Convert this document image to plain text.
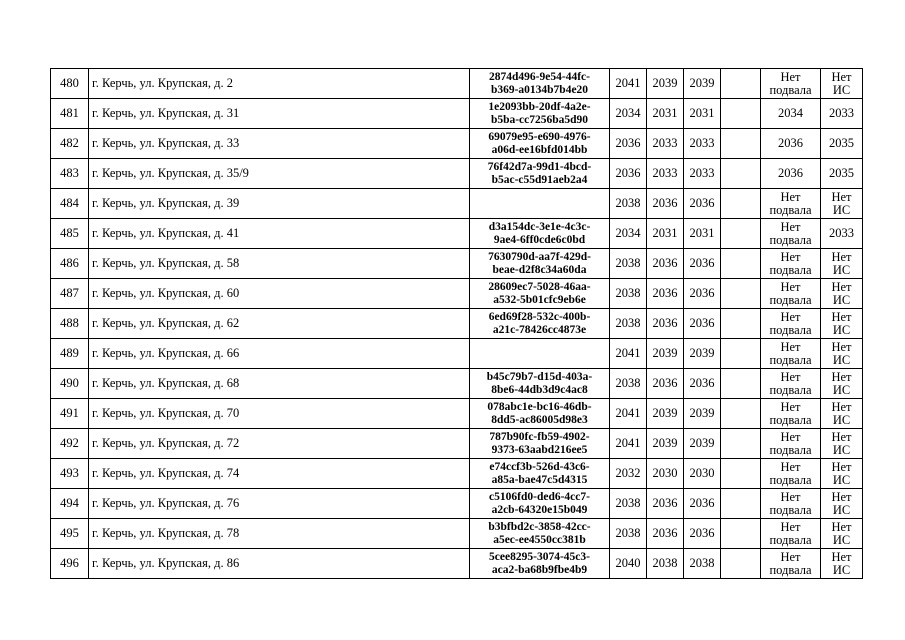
480	г. Керчь, ул. Крупская, д. 2	2874d496-9e54-44fc-
b369-a0134b7b4e20	2041	2039	2039		Нет
подвала	Нет
ИС

481	г. Керчь, ул. Крупская, д. 31	1e2093bb-20df-4a2e-
b5ba-cc7256ba5d90	2034	2031	2031		2034	2033

482	г. Керчь, ул. Крупская, д. 33	69079e95-e690-4976-
a06d-ee16bfd014bb	2036	2033	2033		2036	2035

483	г. Керчь, ул. Крупская, д. 35/9	76f42d7a-99d1-4bcd-
b5ac-c55d91aeb2a4	2036	2033	2033		2036	2035

484	г. Керчь, ул. Крупская, д. 39		2038	2036	2036		Нет
подвала	Нет
ИС

485	г. Керчь, ул. Крупская, д. 41	d3a154dc-3e1e-4c3c-
9ae4-6ff0cde6c0bd	2034	2031	2031		Нет
подвала	2033

486	г. Керчь, ул. Крупская, д. 58	7630790d-aa7f-429d-
beae-d2f8c34a60da	2038	2036	2036		Нет
подвала	Нет
ИС

487	г. Керчь, ул. Крупская, д. 60	28609ec7-5028-46aa-
a532-5b01cfc9eb6e	2038	2036	2036		Нет
подвала	Нет
ИС

488	г. Керчь, ул. Крупская, д. 62	6ed69f28-532c-400b-
a21c-78426cc4873e	2038	2036	2036		Нет
подвала	Нет
ИС

489	г. Керчь, ул. Крупская, д. 66		2041	2039	2039		Нет
подвала	Нет
ИС

490	г. Керчь, ул. Крупская, д. 68	b45c79b7-d15d-403a-
8be6-44db3d9c4ac8	2038	2036	2036		Нет
подвала	Нет
ИС

491	г. Керчь, ул. Крупская, д. 70	078abc1e-bc16-46db-
8dd5-ac86005d98e3	2041	2039	2039		Нет
подвала	Нет
ИС

492	г. Керчь, ул. Крупская, д. 72	787b90fc-fb59-4902-
9373-63aabd216ee5	2041	2039	2039		Нет
подвала	Нет
ИС

493	г. Керчь, ул. Крупская, д. 74	e74ccf3b-526d-43c6-
a85a-bae47c5d4315	2032	2030	2030		Нет
подвала	Нет
ИС

494	г. Керчь, ул. Крупская, д. 76	c5106fd0-ded6-4cc7-
a2cb-64320e15b049	2038	2036	2036		Нет
подвала	Нет
ИС

495	г. Керчь, ул. Крупская, д. 78	b3bfbd2c-3858-42cc-
a5ec-ee4550cc381b	2038	2036	2036		Нет
подвала	Нет
ИС

496	г. Керчь, ул. Крупская, д. 86	5cee8295-3074-45c3-
aca2-ba68b9fbe4b9	2040	2038	2038		Нет
подвала	Нет
ИС
